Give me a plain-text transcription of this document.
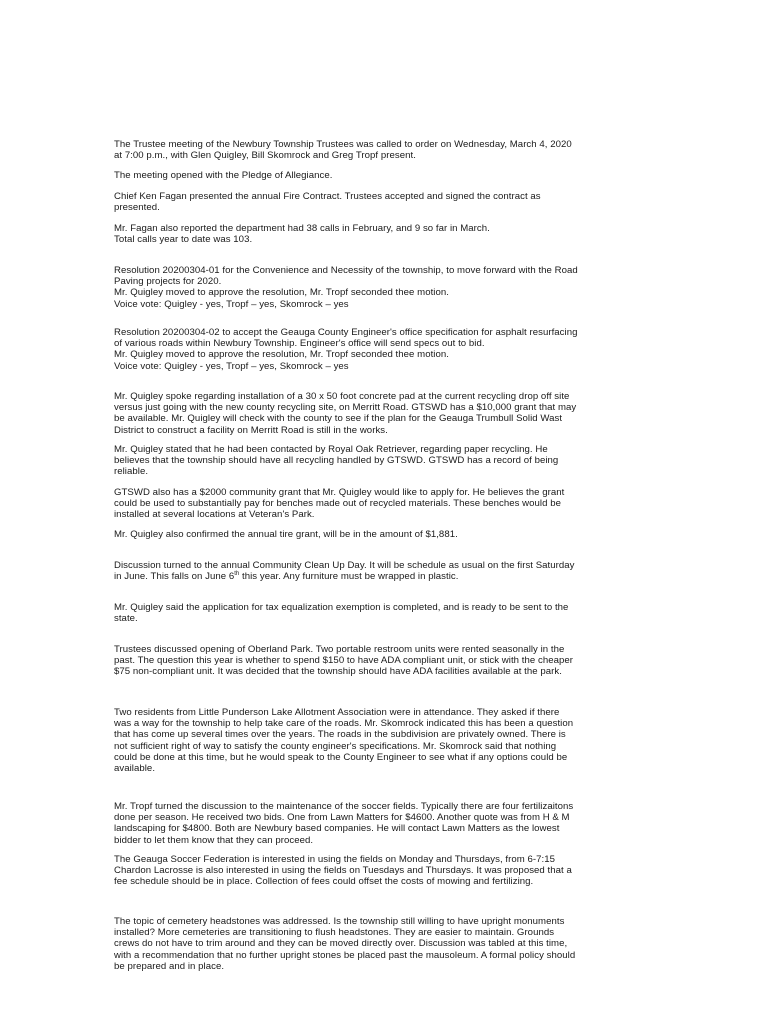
The Trustee meeting of the Newbury Township Trustees was called to order on Wednesday, March 4, 2020
at 7:00 p.m., with Glen Quigley, Bill Skomrock and Greg Tropf present.

The meeting opened with the Pledge of Allegiance.

Chief Ken Fagan presented the annual Fire Contract. Trustees accepted and signed the contract as
presented.

Mr. Fagan also reported the department had 38 calls in February, and 9 so far in March.
Total calls year to date was 103.

Resolution 20200304-01 for the Convenience and Necessity of the township, to move forward with the Road
Paving projects for 2020.
Mr. Quigley moved to approve the resolution, Mr. Tropf seconded thee motion.
Voice vote: Quigley - yes, Tropf – yes, Skomrock – yes

Resolution 20200304-02 to accept the Geauga County Engineer's office specification for asphalt resurfacing
of various roads within Newbury Township. Engineer's office will send specs out to bid.
Mr. Quigley moved to approve the resolution, Mr. Tropf seconded thee motion.
Voice vote: Quigley - yes, Tropf – yes, Skomrock – yes

Mr. Quigley spoke regarding installation of a 30 x 50 foot concrete pad at the current recycling drop off site
versus just going with the new county recycling site, on Merritt Road. GTSWD has a $10,000 grant that may
be available. Mr. Quigley will check with the county to see if the plan for the Geauga Trumbull Solid Wast
District to construct a facility on Merritt Road is still in the works.

Mr. Quigley stated that he had been contacted by Royal Oak Retriever, regarding paper recycling. He
believes that the township should have all recycling handled by GTSWD. GTSWD has a record of being
reliable.

GTSWD also has a $2000 community grant that Mr. Quigley would like to apply for. He believes the grant
could be used to substantially pay for benches made out of recycled materials. These benches would be
installed at several locations at Veteran's Park.

Mr. Quigley also confirmed the annual tire grant, will be in the amount of $1,881.

Discussion turned to the annual Community Clean Up Day. It will be schedule as usual on the first Saturday
in June. This falls on June 6th this year. Any furniture must be wrapped in plastic.

Mr. Quigley said the application for tax equalization exemption is completed, and is ready to be sent to the
state.

Trustees discussed opening of Oberland Park. Two portable restroom units were rented seasonally in the
past. The question this year is whether to spend $150 to have ADA compliant unit, or stick with the cheaper
$75 non-compliant unit. It was decided that the township should have ADA facilities available at the park.

Two residents from Little Punderson Lake Allotment Association were in attendance. They asked if there
was a way for the township to help take care of the roads. Mr. Skomrock indicated this has been a question
that has come up several times over the years. The roads in the subdivision are privately owned. There is
not sufficient right of way to satisfy the county engineer's specifications. Mr. Skomrock said that nothing
could be done at this time, but he would speak to the County Engineer to see what if any options could be
available.

Mr. Tropf turned the discussion to the maintenance of the soccer fields. Typically there are four fertilizaitons
done per season. He received two bids. One from Lawn Matters for $4600. Another quote was from H & M
landscaping for $4800. Both are Newbury based companies. He will contact Lawn Matters as the lowest
bidder to let them know that they can proceed.

The Geauga Soccer Federation is interested in using the fields on Monday and Thursdays, from 6-7:15
Chardon Lacrosse is also interested in using the fields on Tuesdays and Thursdays. It was proposed that a
fee schedule should be in place. Collection of fees could offset the costs of mowing and fertilizing.

The topic of cemetery headstones was addressed. Is the township still willing to have upright monuments
installed? More cemeteries are transitioning to flush headstones. They are easier to maintain. Grounds
crews do not have to trim around and they can be moved directly over. Discussion was tabled at this time,
with a recommendation that no further upright stones be placed past the mausoleum. A formal policy should
be prepared and in place.
